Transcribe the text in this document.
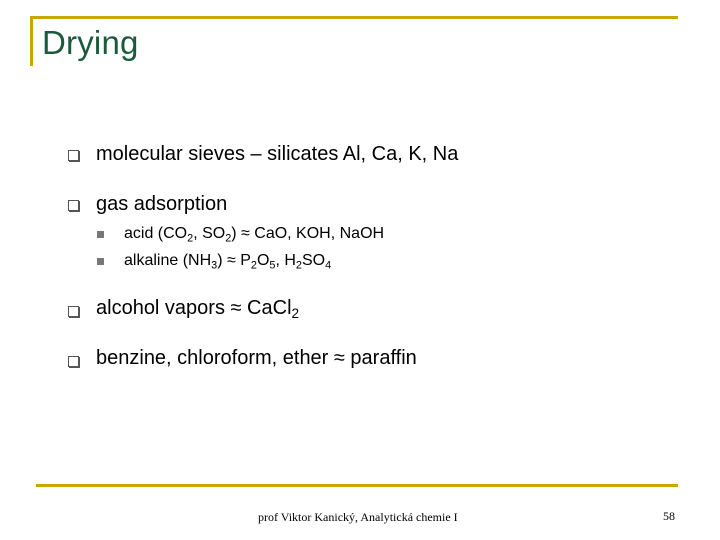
Drying
molecular sieves – silicates Al, Ca, K, Na
gas adsorption
acid ($CO_2$, $SO_2$) ≈ CaO, KOH, NaOH
alkaline $(NH_3) \approx P_2O_5$, $H_2SO_4$
alcohol vapors ≈ CaCl$_2$
benzine, chloroform, ether ≈ paraffin
prof Viktor Kanický, Analytická chemie I	58
